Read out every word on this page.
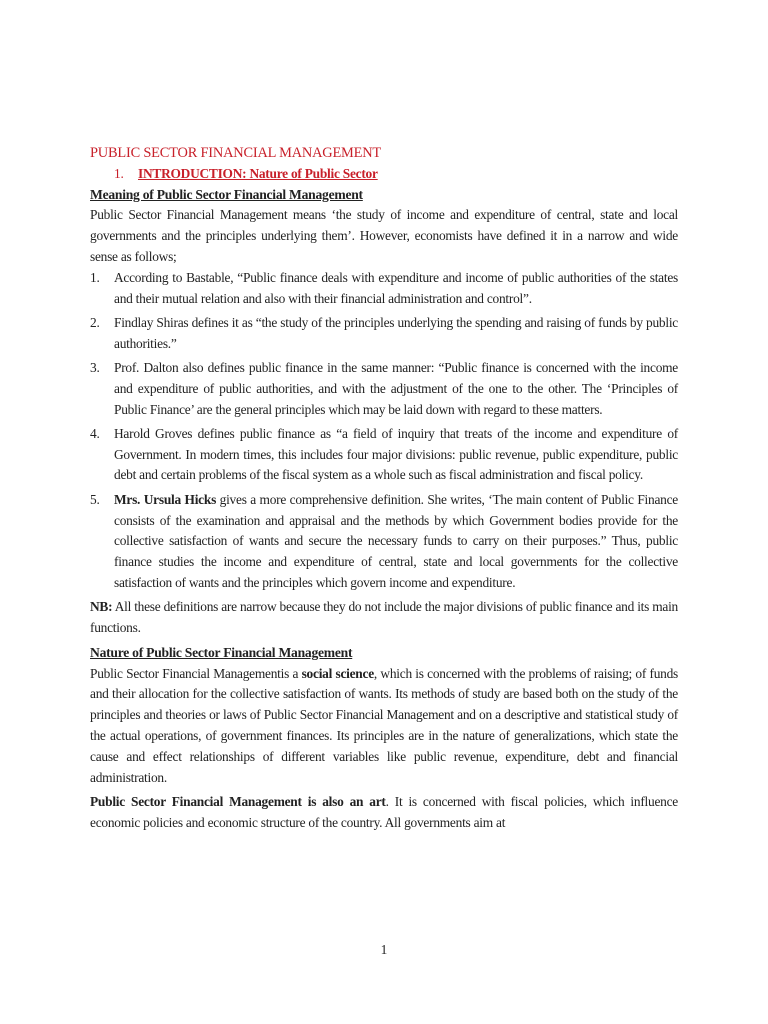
PUBLIC SECTOR FINANCIAL MANAGEMENT
1. INTRODUCTION: Nature of Public Sector
Meaning of Public Sector Financial Management

Public Sector Financial Management means ‘the study of income and expenditure of central, state and local governments and the principles underlying them’. However, economists have defined it in a narrow and wide sense as follows;

1.	According to Bastable, “Public finance deals with expenditure and income of public authorities of the states and their mutual relation and also with their financial administration and control”.
2.	Findlay Shiras defines it as “the study of the principles underlying the spending and raising of funds by public authorities.”
3.	Prof. Dalton also defines public finance in the same manner: “Public finance is concerned with the income and expenditure of public authorities, and with the adjustment of the one to the other. The ‘Principles of Public Finance’ are the general principles which may be laid down with regard to these matters.
4.	Harold Groves defines public finance as “a field of inquiry that treats of the income and expenditure of Government. In modern times, this includes four major divisions: public revenue, public expenditure, public debt and certain problems of the fiscal system as a whole such as fiscal administration and fiscal policy.
5.	Mrs. Ursula Hicks gives a more comprehensive definition. She writes, ‘The main content of Public Finance consists of the examination and appraisal and the methods by which Government bodies provide for the collective satisfaction of wants and secure the necessary funds to carry on their purposes.” Thus, public finance studies the income and expenditure of central, state and local governments for the collective satisfaction of wants and the principles which govern income and expenditure.

NB: All these definitions are narrow because they do not include the major divisions of public finance and its main functions.

Nature of Public Sector Financial Management

Public Sector Financial Managementis a social science, which is concerned with the problems of raising; of funds and their allocation for the collective satisfaction of wants. Its methods of study are based both on the study of the principles and theories or laws of Public Sector Financial Management and on a descriptive and statistical study of the actual operations, of government finances. Its principles are in the nature of generalizations, which state the cause and effect relationships of different variables like public revenue, expenditure, debt and financial administration.

Public Sector Financial Management is also an art. It is concerned with fiscal policies, which influence economic policies and economic structure of the country. All governments aim at

1
